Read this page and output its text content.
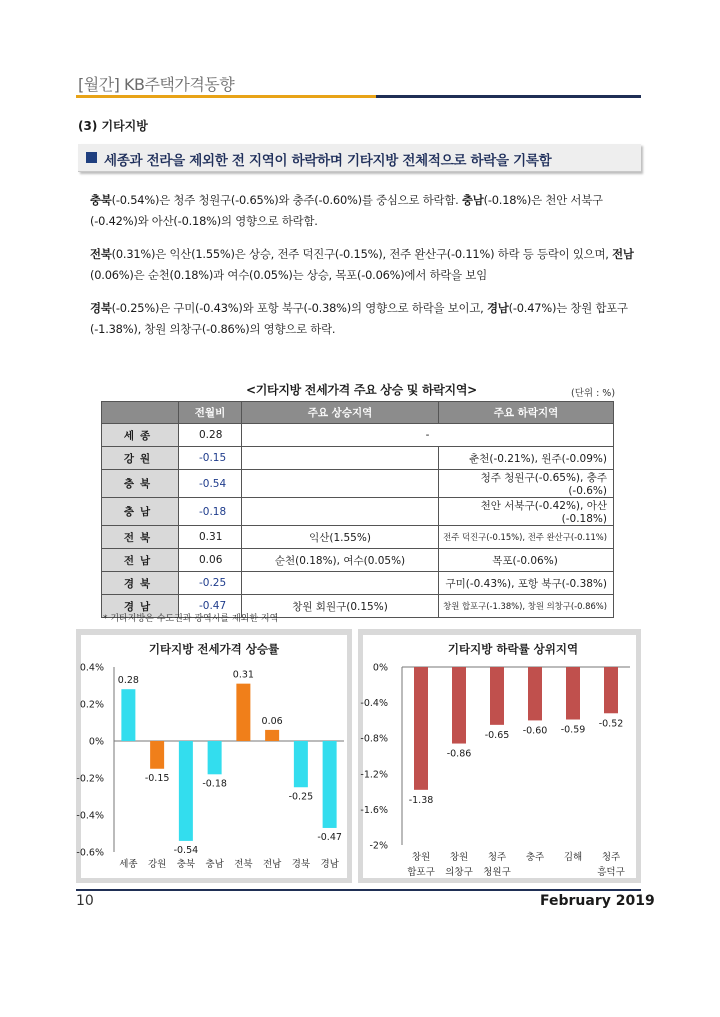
[월간] KB주택가격동향
(3) 기타지방
세종과 전라을 제외한 전 지역이 하락하며 기타지방 전체적으로 하락을 기록함
충북(-0.54%)은 청주 청원구(-0.65%)와 충주(-0.60%)를 중심으로 하락함. 충남(-0.18%)은 천안 서북구(-0.42%)와 아산(-0.18%)의 영향으로 하락함.
전북(0.31%)은 익산(1.55%)은 상승, 전주 덕진구(-0.15%), 전주 완산구(-0.11%) 하락 등 등락이 있으며, 전남(0.06%)은 순천(0.18%)과 여수(0.05%)는 상승, 목포(-0.06%)에서 하락을 보임
경북(-0.25%)은 구미(-0.43%)와 포항 북구(-0.38%)의 영향으로 하락을 보이고, 경남(-0.47%)는 창원 합포구(-1.38%), 창원 의창구(-0.86%)의 영향으로 하락.
<기타지방 전세가격 주요 상승 및 하락지역>	(단위 : %)
	전월비	주요 상승지역	주요 하락지역
세종	0.28	-	
강원	-0.15		춘천(-0.21%), 원주(-0.09%)
충북	-0.54		청주 청원구(-0.65%), 충주(-0.6%)
충남	-0.18		천안 서북구(-0.42%), 아산(-0.18%)
전북	0.31	익산(1.55%)	전주 덕진구(-0.15%), 전주 완산구(-0.11%)
전남	0.06	순천(0.18%), 여수(0.05%)	목포(-0.06%)
경북	-0.25		구미(-0.43%), 포항 북구(-0.38%)
경남	-0.47	창원 회원구(0.15%)	창원 합포구(-1.38%), 창원 의창구(-0.86%)
* 기타지방은 수도권과 광역시를 제외한 지역
기타지방 전세가격 상승률
0.4%
0.2%
0%
-0.2%
-0.4%
-0.6%
0.28
세종
-0.15
강원
-0.54
충북
-0.18
충남
0.31
전북
0.06
전남
-0.25
경북
-0.47
경남
기타지방 하락률 상위지역
0%
-0.4%
-0.8%
-1.2%
-1.6%
-2%
-1.38
창원
합포구
-0.86
창원
의창구
-0.65
청주
청원구
-0.60
충주
-0.59
김해
-0.52
청주
흥덕구
10	February 2019
